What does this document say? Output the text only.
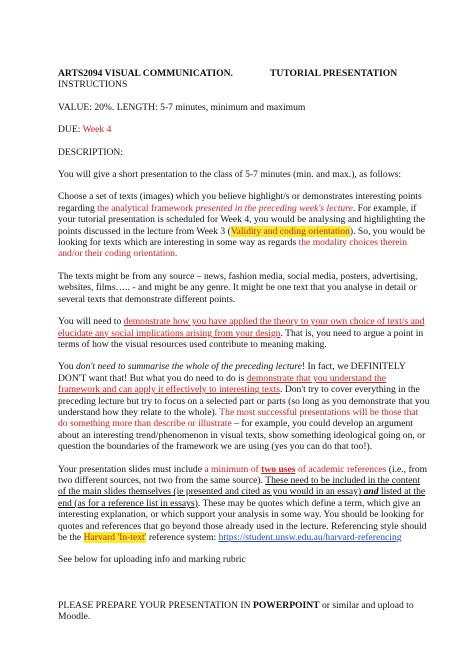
ARTS2094 VISUAL COMMUNICATION.	TUTORIAL PRESENTATION

INSTRUCTIONS

VALUE: 20%. LENGTH: 5-7 minutes, minimum and maximum

DUE: Week 4

DESCRIPTION:

You will give a short presentation to the class of 5-7 minutes (min. and max.), as follows:

Choose a set of texts (images) which you believe highlight/s or demonstrates interesting points regarding the analytical framework presented in the preceding week's lecture. For example, if your tutorial presentation is scheduled for Week 4, you would be analysing and highlighting the points discussed in the lecture from Week 3 (Validity and coding orientation). So, you would be looking for texts which are interesting in some way as regards the modality choices therein and/or their coding orientation.

The texts might be from any source – news, fashion media, social media, posters, advertising, websites, films….. - and might be any genre. It might be one text that you analyse in detail or several texts that demonstrate different points.

You will need to demonstrate how you have applied the theory to your own choice of text/s and elucidate any social implications arising from your design. That is, you need to argue a point in terms of how the visual resources used contribute to meaning making.

You don't need to summarise the whole of the preceding lecture! In fact, we DEFINITELY DON'T want that! But what you do need to do is demonstrate that you understand the framework and can apply it effectively to interesting texts. Don't try to cover everything in the preceding lecture but try to focus on a selected part or parts (so long as you demonstrate that you understand how they relate to the whole). The most successful presentations will be those that do something more than describe or illustrate – for example, you could develop an argument about an interesting trend/phenomenon in visual texts, show something ideological going on, or question the boundaries of the framework we are using (yes you can do that too!).

Your presentation slides must include a minimum of two uses of academic references (i.e., from two different sources, not two from the same source). These need to be included in the content of the main slides themselves (ie presented and cited as you would in an essay) and listed at the end (as for a reference list in essays). These may be quotes which define a term, which give an interesting explanation, or which support your analysis in some way. You should be looking for quotes and references that go beyond those already used in the lecture. Referencing style should be the Harvard 'In-text' reference system: https://student.unsw.edu.au/harvard-referencing

See below for uploading info and marking rubric

PLEASE PREPARE YOUR PRESENTATION IN POWERPOINT or similar and upload to Moodle.
